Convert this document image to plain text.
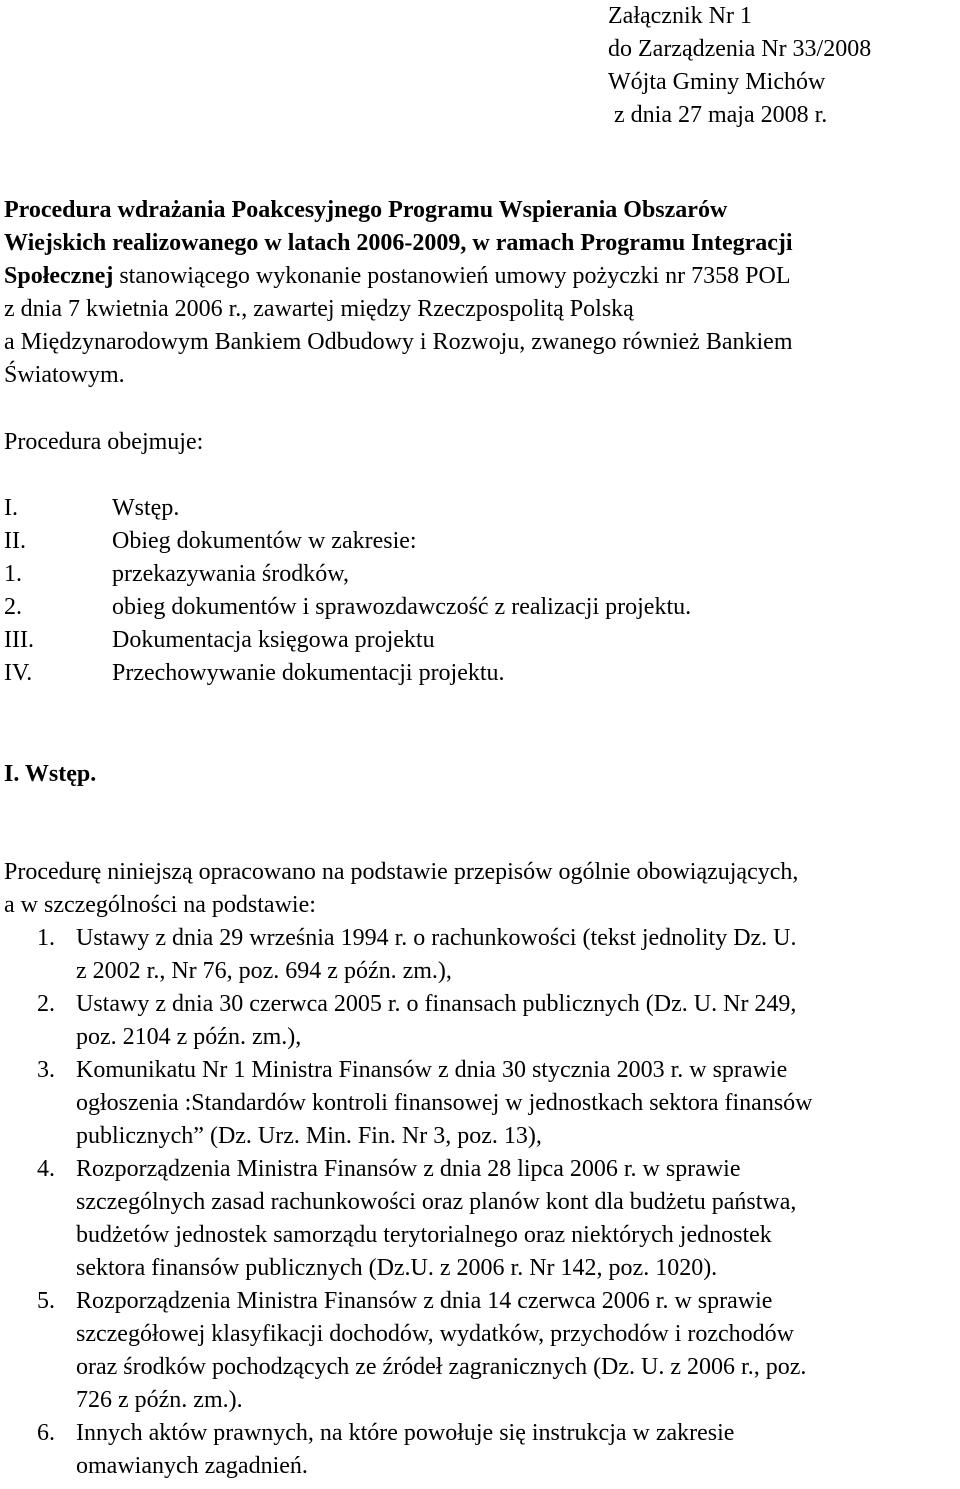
Załącznik Nr 1
do Zarządzenia Nr 33/2008
Wójta Gminy Michów
z dnia 27 maja 2008 r.
Procedura wdrażania Poakcesyjnego Programu Wspierania Obszarów
Wiejskich realizowanego w latach 2006-2009, w ramach Programu Integracji
Społecznej stanowiącego wykonanie postanowień umowy pożyczki nr 7358 POL
z dnia 7 kwietnia 2006 r., zawartej między Rzeczpospolitą Polską
a Międzynarodowym Bankiem Odbudowy i Rozwoju, zwanego również Bankiem
Światowym.
Procedura obejmuje:
I.	Wstęp.
II.	Obieg dokumentów w zakresie:
1.	przekazywania środków,
2.	obieg dokumentów i sprawozdawczość z realizacji projektu.
III.	Dokumentacja księgowa projektu
IV.	Przechowywanie dokumentacji projektu.
I. Wstęp.
Procedurę niniejszą opracowano na podstawie przepisów ogólnie obowiązujących,
a w szczególności na podstawie:
1. Ustawy z dnia 29 września 1994 r. o rachunkowości (tekst jednolity Dz. U.
z 2002 r., Nr 76, poz. 694 z późn. zm.),
2. Ustawy z dnia 30 czerwca 2005 r. o finansach publicznych (Dz. U. Nr 249,
poz. 2104 z późn. zm.),
3. Komunikatu Nr 1 Ministra Finansów z dnia 30 stycznia 2003 r. w sprawie
ogłoszenia :Standardów kontroli finansowej w jednostkach sektora finansów
publicznych” (Dz. Urz. Min. Fin. Nr 3, poz. 13),
4. Rozporządzenia Ministra Finansów z dnia 28 lipca 2006 r. w sprawie
szczególnych zasad rachunkowości oraz planów kont dla budżetu państwa,
budżetów jednostek samorządu terytorialnego oraz niektórych jednostek
sektora finansów publicznych (Dz.U. z 2006 r. Nr 142, poz. 1020).
5. Rozporządzenia Ministra Finansów z dnia 14 czerwca 2006 r. w sprawie
szczegółowej klasyfikacji dochodów, wydatków, przychodów i rozchodów
oraz środków pochodzących ze źródeł zagranicznych (Dz. U. z 2006 r., poz.
726 z późn. zm.).
6. Innych aktów prawnych, na które powołuje się instrukcja w zakresie
omawianych zagadnień.
